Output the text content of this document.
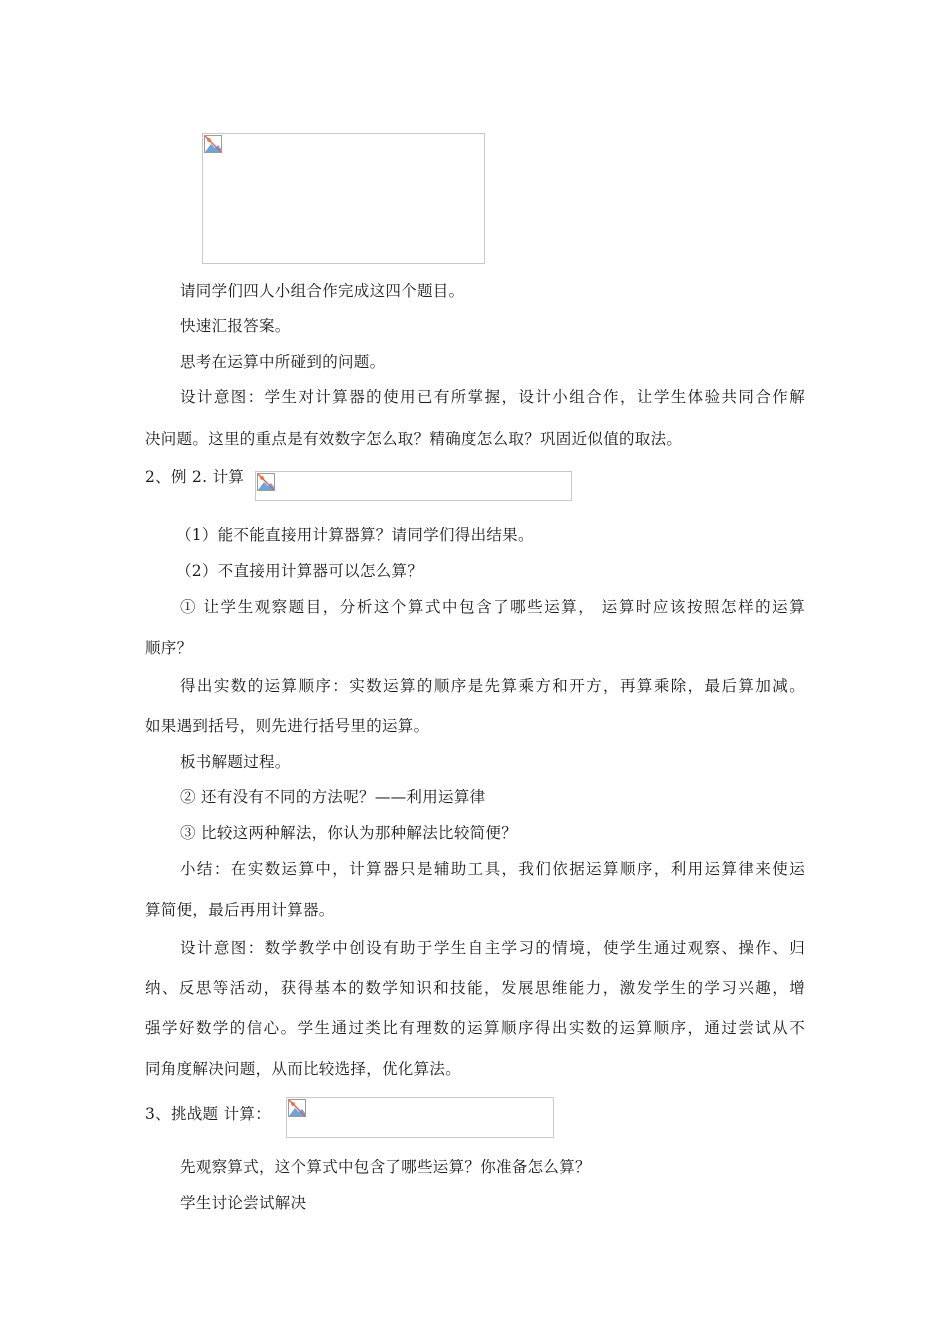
请同学们四人小组合作完成这四个题目。
快速汇报答案。
思考在运算中所碰到的问题。
设计意图：学生对计算器的使用已有所掌握，设计小组合作，让学生体验共同合作解
决问题。这里的重点是有效数字怎么取？精确度怎么取？巩固近似值的取法。
2、例 2. 计算
（1）能不能直接用计算器算？请同学们得出结果。
（2）不直接用计算器可以怎么算？
① 让学生观察题目，分析这个算式中包含了哪些运算， 运算时应该按照怎样的运算
顺序？
得出实数的运算顺序：实数运算的顺序是先算乘方和开方，再算乘除，最后算加减。
如果遇到括号，则先进行括号里的运算。
板书解题过程。
② 还有没有不同的方法呢？——利用运算律
③ 比较这两种解法，你认为那种解法比较简便？
小结：在实数运算中，计算器只是辅助工具，我们依据运算顺序，利用运算律来使运
算简便，最后再用计算器。
设计意图：数学教学中创设有助于学生自主学习的情境，使学生通过观察、操作、归
纳、反思等活动，获得基本的数学知识和技能，发展思维能力，激发学生的学习兴趣，增
强学好数学的信心。学生通过类比有理数的运算顺序得出实数的运算顺序，通过尝试从不
同角度解决问题，从而比较选择，优化算法。
3、挑战题 计算：
先观察算式，这个算式中包含了哪些运算？你准备怎么算？
学生讨论尝试解决
